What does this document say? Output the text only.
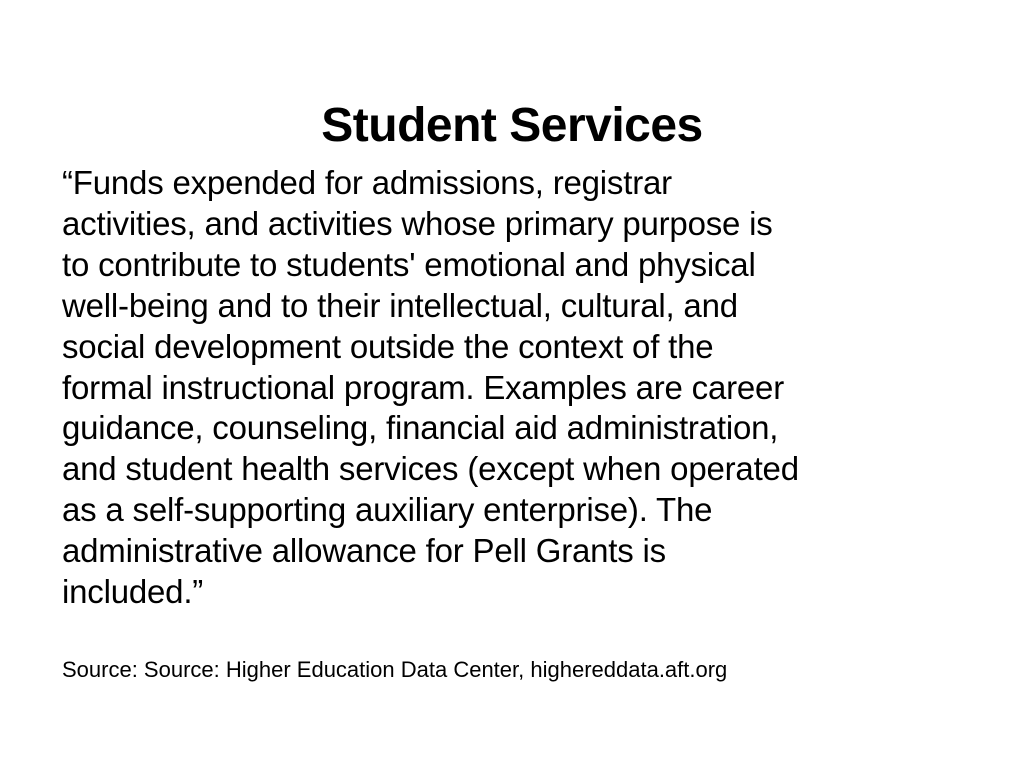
Student Services
“Funds expended for admissions, registrar
activities, and activities whose primary purpose is
to contribute to students' emotional and physical
well-being and to their intellectual, cultural, and
social development outside the context of the
formal instructional program. Examples are career
guidance, counseling, financial aid administration,
and student health services (except when operated
as a self-supporting auxiliary enterprise). The
administrative allowance for Pell Grants is
included.”
Source: Source: Higher Education Data Center, highereddata.aft.org
